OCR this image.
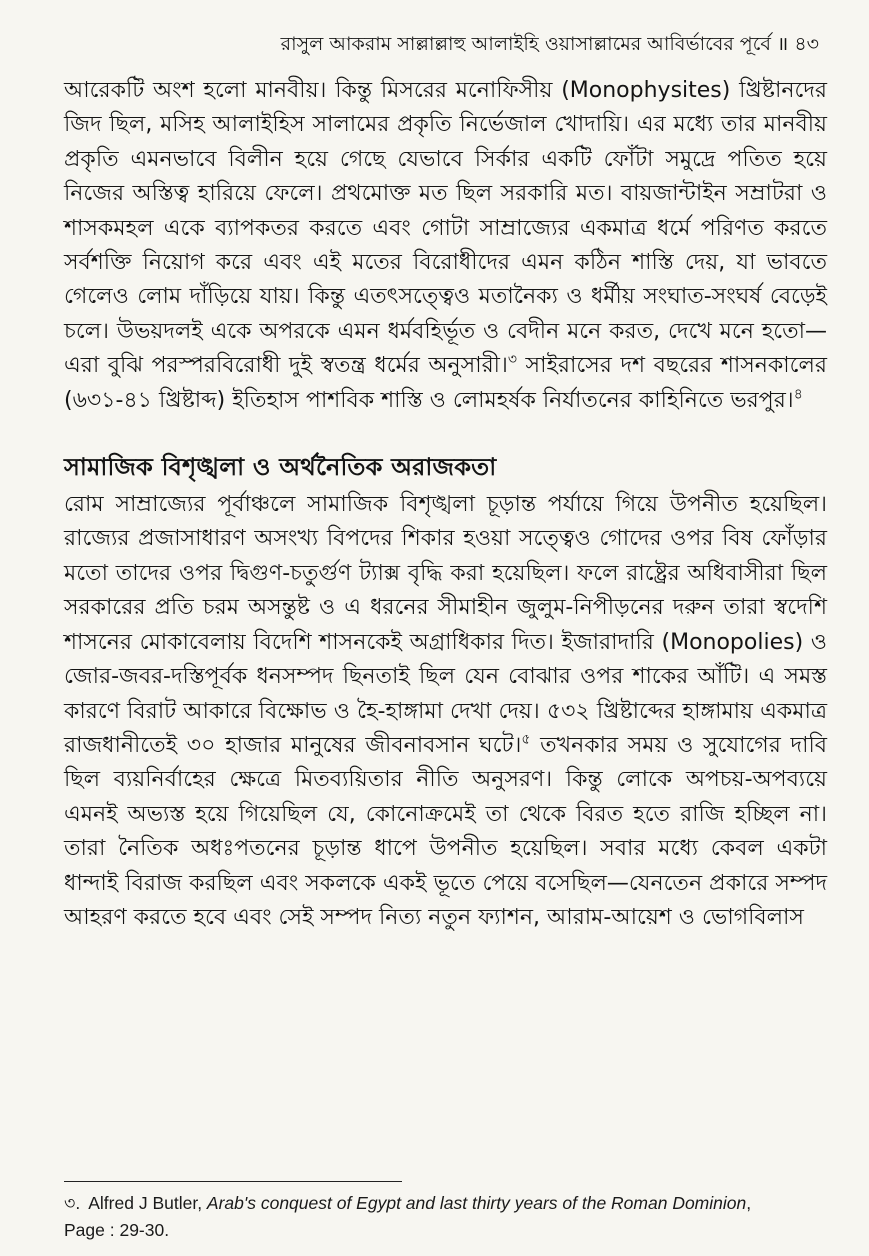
রাসুল আকরাম সাল্লাল্লাহু আলাইহি ওয়াসাল্লামের আবির্ভাবের পূর্বে ॥ ৪৩

আরেকটি অংশ হলো মানবীয়। কিন্তু মিসরের মনোফিসীয় (Monophysites) খ্রিষ্টানদের জিদ ছিল, মসিহ আলাইহিস সালামের প্রকৃতি নির্ভেজাল খোদায়ি। এর মধ্যে তার মানবীয় প্রকৃতি এমনভাবে বিলীন হয়ে গেছে যেভাবে সির্কার একটি ফোঁটা সমুদ্রে পতিত হয়ে নিজের অস্তিত্ব হারিয়ে ফেলে। প্রথমোক্ত মত ছিল সরকারি মত। বায়জান্টাইন সম্রাটরা ও শাসকমহল একে ব্যাপকতর করতে এবং গোটা সাম্রাজ্যের একমাত্র ধর্মে পরিণত করতে সর্বশক্তি নিয়োগ করে এবং এই মতের বিরোধীদের এমন কঠিন শাস্তি দেয়, যা ভাবতে গেলেও লোম দাঁড়িয়ে যায়। কিন্তু এতৎসত্ত্বেও মতানৈক্য ও ধর্মীয় সংঘাত-সংঘর্ষ বেড়েই চলে। উভয়দলই একে অপরকে এমন ধর্মবহির্ভূত ও বেদীন মনে করত, দেখে মনে হতো—এরা বুঝি পরস্পরবিরোধী দুই স্বতন্ত্র ধর্মের অনুসারী।$^৩$ সাইরাসের দশ বছরের শাসনকালের (৬৩১-৪১ খ্রিষ্টাব্দ) ইতিহাস পাশবিক শাস্তি ও লোমহর্ষক নির্যাতনের কাহিনিতে ভরপুর।$^৪$

সামাজিক বিশৃঙ্খলা ও অর্থনৈতিক অরাজকতা

রোম সাম্রাজ্যের পূর্বাঞ্চলে সামাজিক বিশৃঙ্খলা চূড়ান্ত পর্যায়ে গিয়ে উপনীত হয়েছিল। রাজ্যের প্রজাসাধারণ অসংখ্য বিপদের শিকার হওয়া সত্ত্বেও গোদের ওপর বিষ ফোঁড়ার মতো তাদের ওপর দ্বিগুণ-চতুর্গুণ ট্যাক্স বৃদ্ধি করা হয়েছিল। ফলে রাষ্ট্রের অধিবাসীরা ছিল সরকারের প্রতি চরম অসন্তুষ্ট ও এ ধরনের সীমাহীন জুলুম-নিপীড়নের দরুন তারা স্বদেশি শাসনের মোকাবেলায় বিদেশি শাসনকেই অগ্রাধিকার দিত। ইজারাদারি (Monopolies) ও জোর-জবর-দস্তিপূর্বক ধনসম্পদ ছিনতাই ছিল যেন বোঝার ওপর শাকের আঁটি। এ সমস্ত কারণে বিরাট আকারে বিক্ষোভ ও হৈ-হাঙ্গামা দেখা দেয়। ৫৩২ খ্রিষ্টাব্দের হাঙ্গামায় একমাত্র রাজধানীতেই ৩০ হাজার মানুষের জীবনাবসান ঘটে।$^৫$ তখনকার সময় ও সুযোগের দাবি ছিল ব্যয়নির্বাহের ক্ষেত্রে মিতব্যয়িতার নীতি অনুসরণ। কিন্তু লোকে অপচয়-অপব্যয়ে এমনই অভ্যস্ত হয়ে গিয়েছিল যে, কোনোক্রমেই তা থেকে বিরত হতে রাজি হচ্ছিল না। তারা নৈতিক অধঃপতনের চূড়ান্ত ধাপে উপনীত হয়েছিল। সবার মধ্যে কেবল একটা ধান্দাই বিরাজ করছিল এবং সকলকে একই ভূতে পেয়ে বসেছিল—যেনতেন প্রকারে সম্পদ আহরণ করতে হবে এবং সেই সম্পদ নিত্য নতুন ফ্যাশন, আরাম-আয়েশ ও ভোগবিলাস

৩. Alfred J Butler, Arab's conquest of Egypt and last thirty years of the Roman Dominion,
Page : 29-30.
